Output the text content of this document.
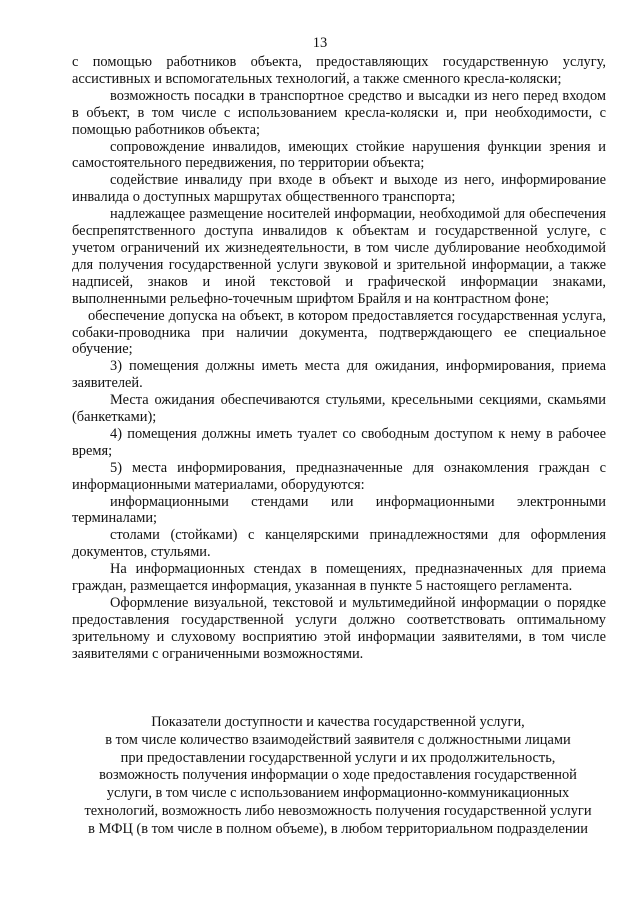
13

с помощью работников объекта, предоставляющих государственную услугу, ассистивных и вспомогательных технологий, а также сменного кресла-коляски;

возможность посадки в транспортное средство и высадки из него перед входом в объект, в том числе с использованием кресла-коляски и, при необходимости, с помощью работников объекта;

сопровождение инвалидов, имеющих стойкие нарушения функции зрения и самостоятельного передвижения, по территории объекта;

содействие инвалиду при входе в объект и выходе из него, информирование инвалида о доступных маршрутах общественного транспорта;

надлежащее размещение носителей информации, необходимой для обеспечения беспрепятственного доступа инвалидов к объектам и государственной услуге, с учетом ограничений их жизнедеятельности, в том числе дублирование необходимой для получения государственной услуги звуковой и зрительной информации, а также надписей, знаков и иной текстовой и графической информации знаками, выполненными рельефно-точечным шрифтом Брайля и на контрастном фоне;

обеспечение допуска на объект, в котором предоставляется государственная услуга, собаки-проводника при наличии документа, подтверждающего ее специальное обучение;

3) помещения должны иметь места для ожидания, информирования, приема заявителей.

Места ожидания обеспечиваются стульями, кресельными секциями, скамьями (банкетками);

4) помещения должны иметь туалет со свободным доступом к нему в рабочее время;

5) места информирования, предназначенные для ознакомления граждан с информационными материалами, оборудуются:

информационными стендами или информационными электронными терминалами;

столами (стойками) с канцелярскими принадлежностями для оформления документов, стульями.

На информационных стендах в помещениях, предназначенных для приема граждан, размещается информация, указанная в пункте 5 настоящего регламента.

Оформление визуальной, текстовой и мультимедийной информации о порядке предоставления государственной услуги должно соответствовать оптимальному зрительному и слуховому восприятию этой информации заявителями, в том числе заявителями с ограниченными возможностями.

Показатели доступности и качества государственной услуги,
в том числе количество взаимодействий заявителя с должностными лицами
при предоставлении государственной услуги и их продолжительность,
возможность получения информации о ходе предоставления государственной
услуги, в том числе с использованием информационно-коммуникационных
технологий, возможность либо невозможность получения государственной услуги
в МФЦ (в том числе в полном объеме), в любом территориальном подразделении
